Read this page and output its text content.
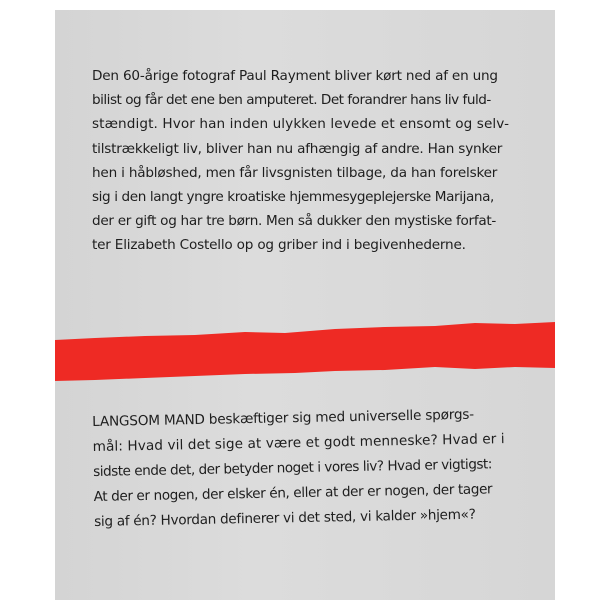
Den 60-årige fotograf Paul Rayment bliver kørt ned af en ung
bilist og får det ene ben amputeret. Det forandrer hans liv fuld-
stændigt. Hvor han inden ulykken levede et ensomt og selv-
tilstrækkeligt liv, bliver han nu afhængig af andre. Han synker
hen i håbløshed, men får livsgnisten tilbage, da han forelsker
sig i den langt yngre kroatiske hjemmesygeplejerske Marijana,
der er gift og har tre børn. Men så dukker den mystiske forfat-
ter Elizabeth Costello op og griber ind i begivenhederne.
LANGSOM MAND beskæftiger sig med universelle spørgs-
mål: Hvad vil det sige at være et godt menneske? Hvad er i
sidste ende det, der betyder noget i vores liv? Hvad er vigtigst:
At der er nogen, der elsker én, eller at der er nogen, der tager
sig af én? Hvordan definerer vi det sted, vi kalder »hjem«?
